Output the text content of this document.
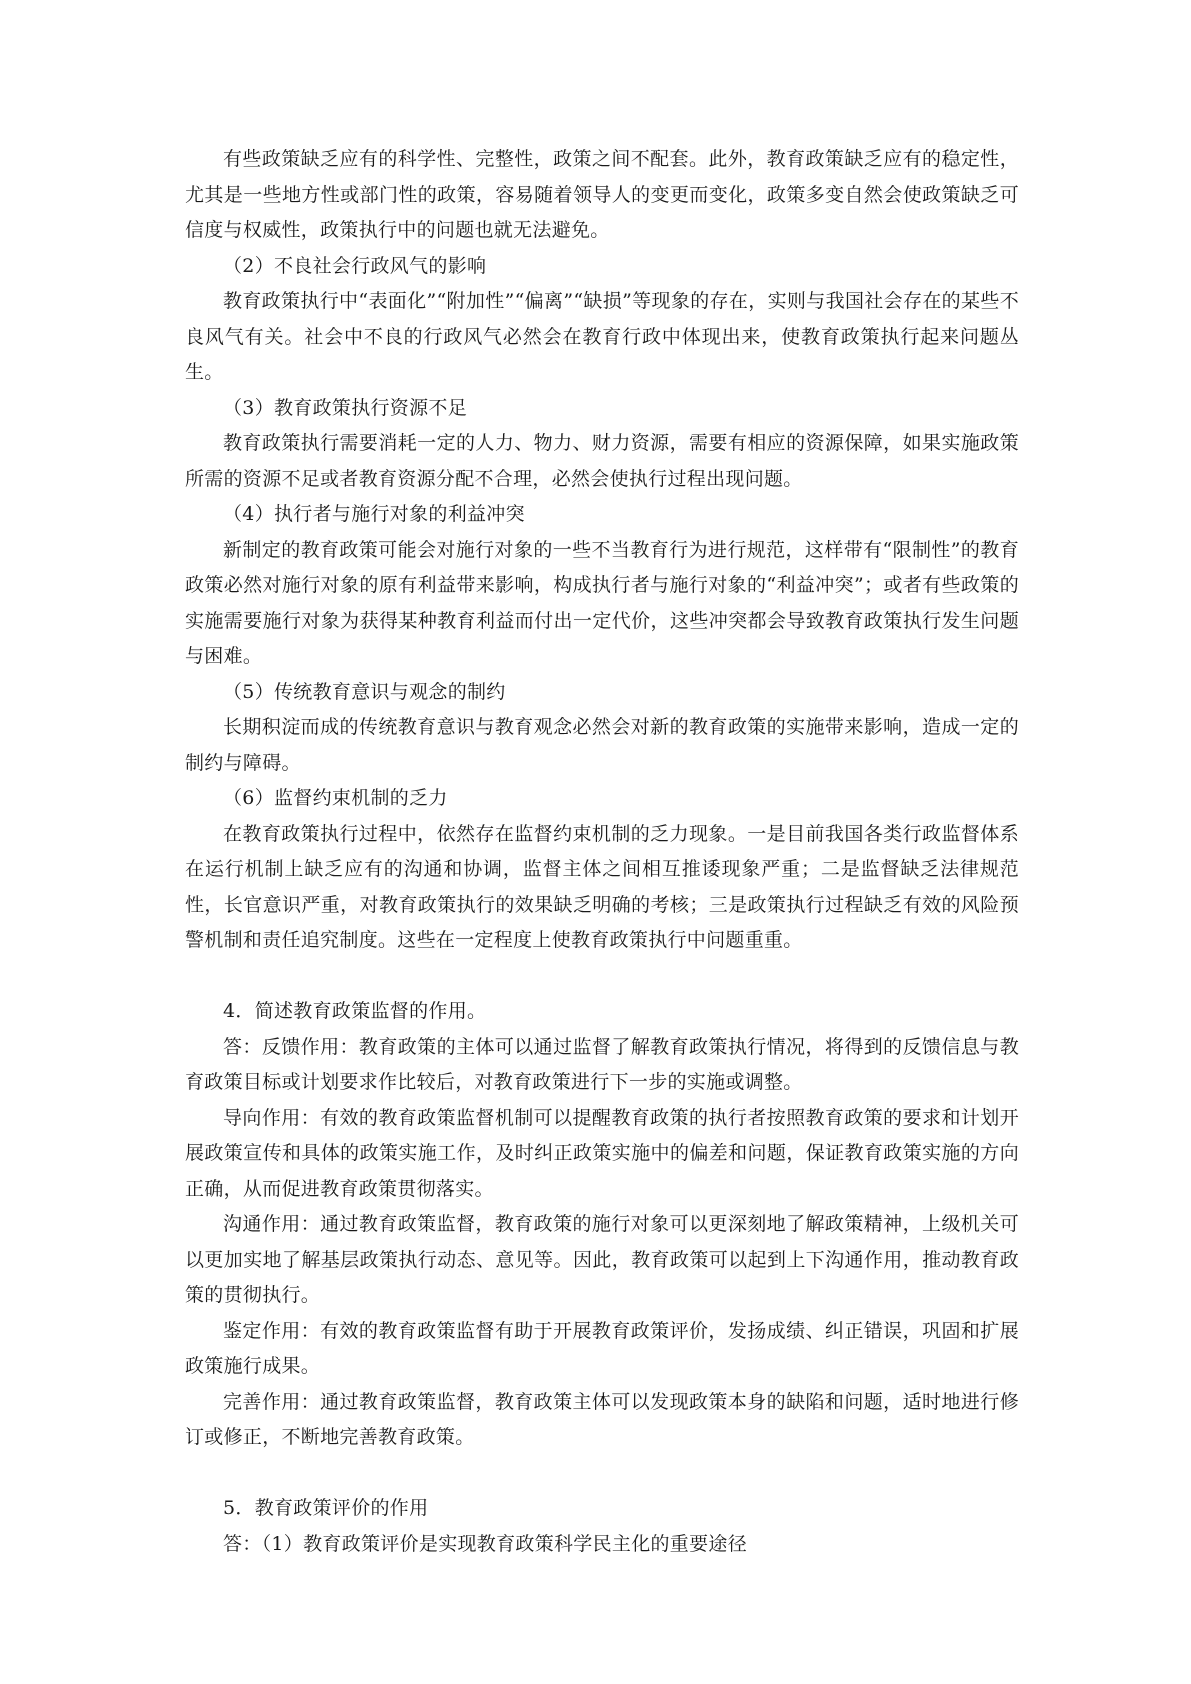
有些政策缺乏应有的科学性、完整性，政策之间不配套。此外，教育政策缺乏应有的稳定性，尤其是一些地方性或部门性的政策，容易随着领导人的变更而变化，政策多变自然会使政策缺乏可信度与权威性，政策执行中的问题也就无法避免。

（2）不良社会行政风气的影响

教育政策执行中“表面化”“附加性”“偏离”“缺损”等现象的存在，实则与我国社会存在的某些不良风气有关。社会中不良的行政风气必然会在教育行政中体现出来，使教育政策执行起来问题丛生。

（3）教育政策执行资源不足

教育政策执行需要消耗一定的人力、物力、财力资源，需要有相应的资源保障，如果实施政策所需的资源不足或者教育资源分配不合理，必然会使执行过程出现问题。

（4）执行者与施行对象的利益冲突

新制定的教育政策可能会对施行对象的一些不当教育行为进行规范，这样带有“限制性”的教育政策必然对施行对象的原有利益带来影响，构成执行者与施行对象的“利益冲突”；或者有些政策的实施需要施行对象为获得某种教育利益而付出一定代价，这些冲突都会导致教育政策执行发生问题与困难。

（5）传统教育意识与观念的制约

长期积淀而成的传统教育意识与教育观念必然会对新的教育政策的实施带来影响，造成一定的制约与障碍。

（6）监督约束机制的乏力

在教育政策执行过程中，依然存在监督约束机制的乏力现象。一是目前我国各类行政监督体系在运行机制上缺乏应有的沟通和协调，监督主体之间相互推诿现象严重；二是监督缺乏法律规范性，长官意识严重，对教育政策执行的效果缺乏明确的考核；三是政策执行过程缺乏有效的风险预警机制和责任追究制度。这些在一定程度上使教育政策执行中问题重重。

4．简述教育政策监督的作用。

答：反馈作用：教育政策的主体可以通过监督了解教育政策执行情况，将得到的反馈信息与教育政策目标或计划要求作比较后，对教育政策进行下一步的实施或调整。

导向作用：有效的教育政策监督机制可以提醒教育政策的执行者按照教育政策的要求和计划开展政策宣传和具体的政策实施工作，及时纠正政策实施中的偏差和问题，保证教育政策实施的方向正确，从而促进教育政策贯彻落实。

沟通作用：通过教育政策监督，教育政策的施行对象可以更深刻地了解政策精神，上级机关可以更加实地了解基层政策执行动态、意见等。因此，教育政策可以起到上下沟通作用，推动教育政策的贯彻执行。

鉴定作用：有效的教育政策监督有助于开展教育政策评价，发扬成绩、纠正错误，巩固和扩展政策施行成果。

完善作用：通过教育政策监督，教育政策主体可以发现政策本身的缺陷和问题，适时地进行修订或修正，不断地完善教育政策。

5．教育政策评价的作用

答：（1）教育政策评价是实现教育政策科学民主化的重要途径
